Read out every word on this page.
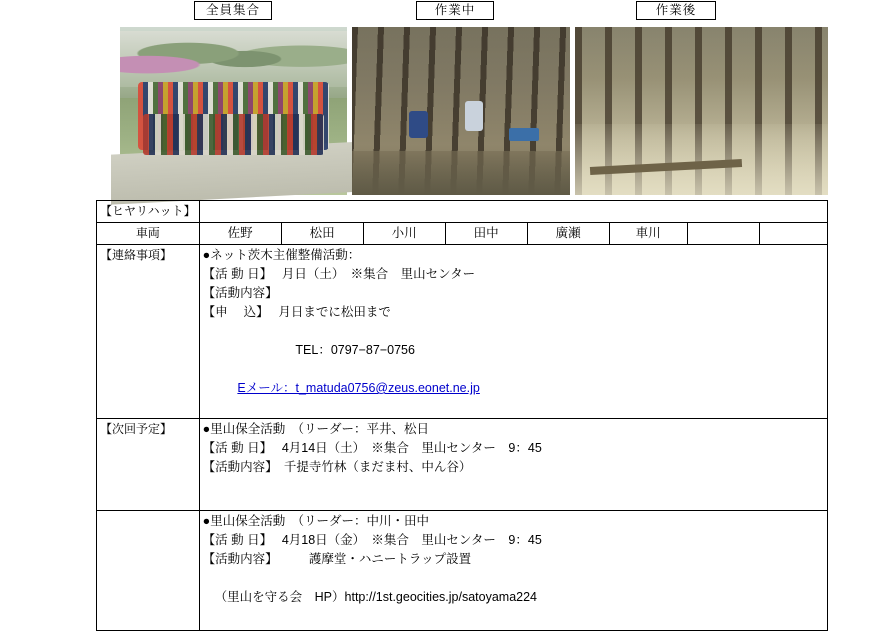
全員集合	作業中	作業後
【ヒヤリハット】								
車両	佐野	松田	小川	田中	廣瀬	車川		
【連絡事項】	●ネット茨木主催整備活動：
【活 動 日】　 月日（土）　※集合　里山センター
【活動内容】
【申　 込】　 月日までに松田まで

TEL：0797−87−0756

Eメール：t_matuda0756@zeus.eonet.ne.jp

【次回予定】	●里山保全活動　（リーダー：平井、松日
【活 動 日】　 4月14日（土）　※集合　里山センター　9：45
【活動内容】　千提寺竹林（まだま村、中ん谷）							

	●里山保全活動　（リーダー：中川・田中
【活 動 日】　 4月18日（金）　※集合　里山センター　9：45
【活動内容】　　　護摩堂・ハニートラップ設置
（里山を守る会　HP）http://1st.geocities.jp/satoyama224							
